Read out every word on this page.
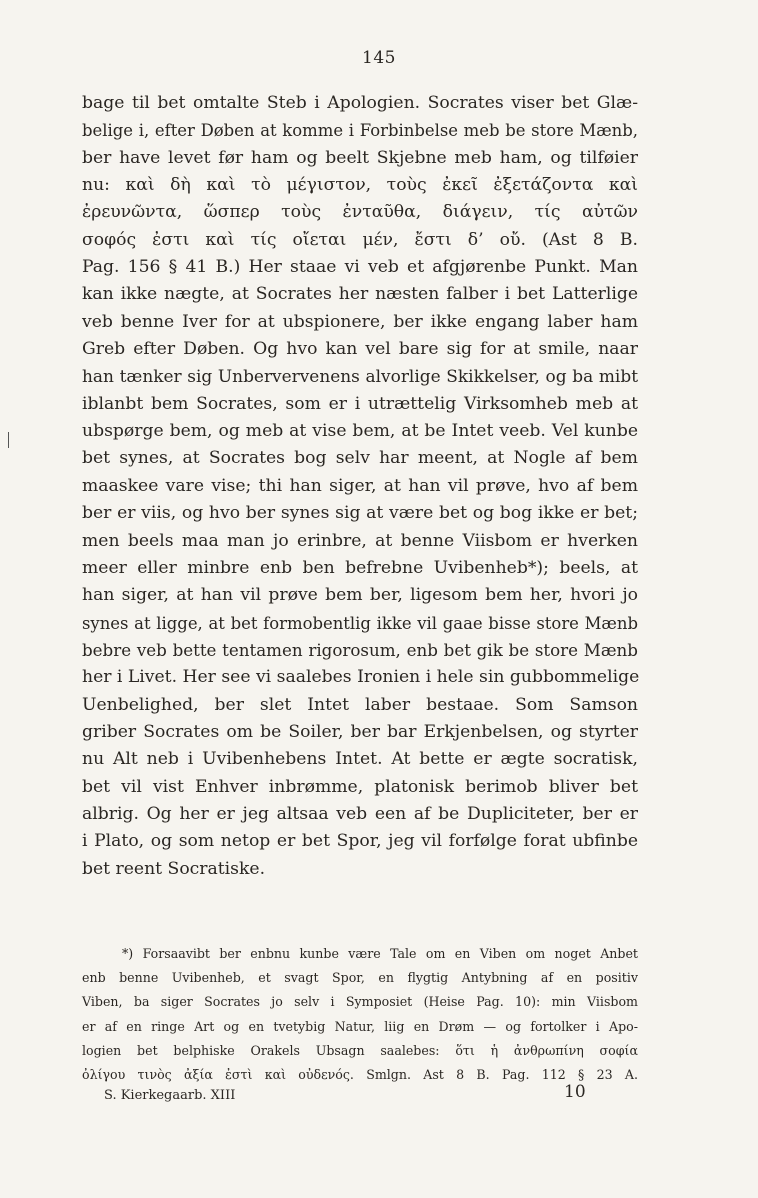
145
bage til bet omtalte Steb i Apologien. Socrates viser bet Glæ-
belige i, efter Døben at komme i Forbinbelse meb be store Mænb,
ber have levet før ham og beelt Skjebne meb ham, og tilføier
nu: καὶ δὴ καὶ τὸ μέγιστον, τοὺς ἐκεῖ ἐξετάζοντα καὶ
ἐρευνῶντα, ὥσπερ τοὺς ἐνταῦθα, διάγειν, τίς αὐτῶν
σοφός ἐστι καὶ τίς οἴεται μέν, ἔστι δ’ οὔ. (Ast 8 B.
Pag. 156 § 41 B.) Her staae vi veb et afgjørenbe Punkt. Man
kan ikke nægte, at Socrates her næsten falber i bet Latterlige
veb benne Iver for at ubspionere, ber ikke engang laber ham
Greb efter Døben. Og hvo kan vel bare sig for at smile, naar
han tænker sig Unbervervenens alvorlige Skikkelser, og ba mibt
iblanbt bem Socrates, som er i utrættelig Virksomheb meb at
ubspørge bem, og meb at vise bem, at be Intet veeb. Vel kunbe
bet synes, at Socrates bog selv har meent, at Nogle af bem
maaskee vare vise; thi han siger, at han vil prøve, hvo af bem
ber er viis, og hvo ber synes sig at være bet og bog ikke er bet;
men beels maa man jo erinbre, at benne Viisbom er hverken
meer eller minbre enb ben befrebne Uvibenheb*); beels, at
han siger, at han vil prøve bem ber, ligesom bem her, hvori jo
synes at ligge, at bet formobentlig ikke vil gaae bisse store Mænb
bebre veb bette tentamen rigorosum, enb bet gik be store Mænb
her i Livet. Her see vi saalebes Ironien i hele sin gubbommelige
Uenbelighed, ber slet Intet laber bestaae. Som Samson
griber Socrates om be Soiler, ber bar Erkjenbelsen, og styrter
nu Alt neb i Uvibenhebens Intet. At bette er ægte socratisk,
bet vil vist Enhver inbrømme, platonisk berimob bliver bet
albrig. Og her er jeg altsaa veb een af be Dupliciteter, ber er
i Plato, og som netop er bet Spor, jeg vil forfølge forat ubfinbe
bet reent Socratiske.
*) Forsaavibt ber enbnu kunbe være Tale om en Viben om noget Anbet
enb benne Uvibenheb, et svagt Spor, en flygtig Antybning af en positiv
Viben, ba siger Socrates jo selv i Symposiet (Heise Pag. 10): min Viisbom
er af en ringe Art og en tvetybig Natur, liig en Drøm — og fortolker i Apo-
logien bet belphiske Orakels Ubsagn saalebes: ὅτι ἡ ἀνθρωπίνη σοφία
ὀλίγου τινὸς ἀξία ἐστὶ καὶ οὐδενός. Smlgn. Ast 8 B. Pag. 112 § 23 A.
S. Kierkegaarb. XIII	10
